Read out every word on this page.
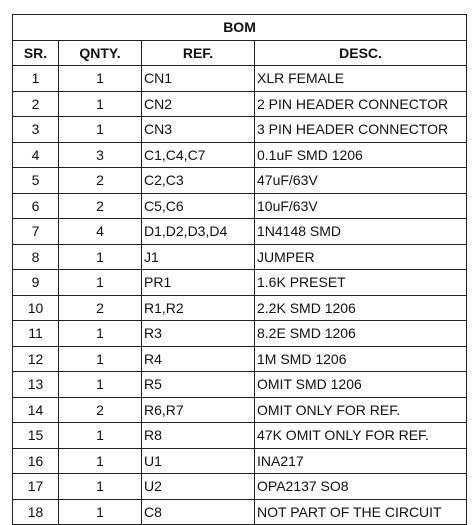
BOM			
SR.	QNTY.	REF.	DESC.
1	1	CN1	XLR FEMALE
2	1	CN2	2 PIN HEADER CONNECTOR
3	1	CN3	3 PIN HEADER CONNECTOR
4	3	C1,C4,C7	0.1uF SMD 1206
5	2	C2,C3	47uF/63V
6	2	C5,C6	10uF/63V
7	4	D1,D2,D3,D4	1N4148 SMD
8	1	J1	JUMPER
9	1	PR1	1.6K PRESET
10	2	R1,R2	2.2K SMD 1206
11	1	R3	8.2E SMD 1206
12	1	R4	1M SMD 1206
13	1	R5	OMIT SMD 1206
14	2	R6,R7	OMIT ONLY FOR REF.
15	1	R8	47K OMIT ONLY FOR REF.
16	1	U1	INA217
17	1	U2	OPA2137 SO8
18	1	C8	NOT PART OF THE CIRCUIT
